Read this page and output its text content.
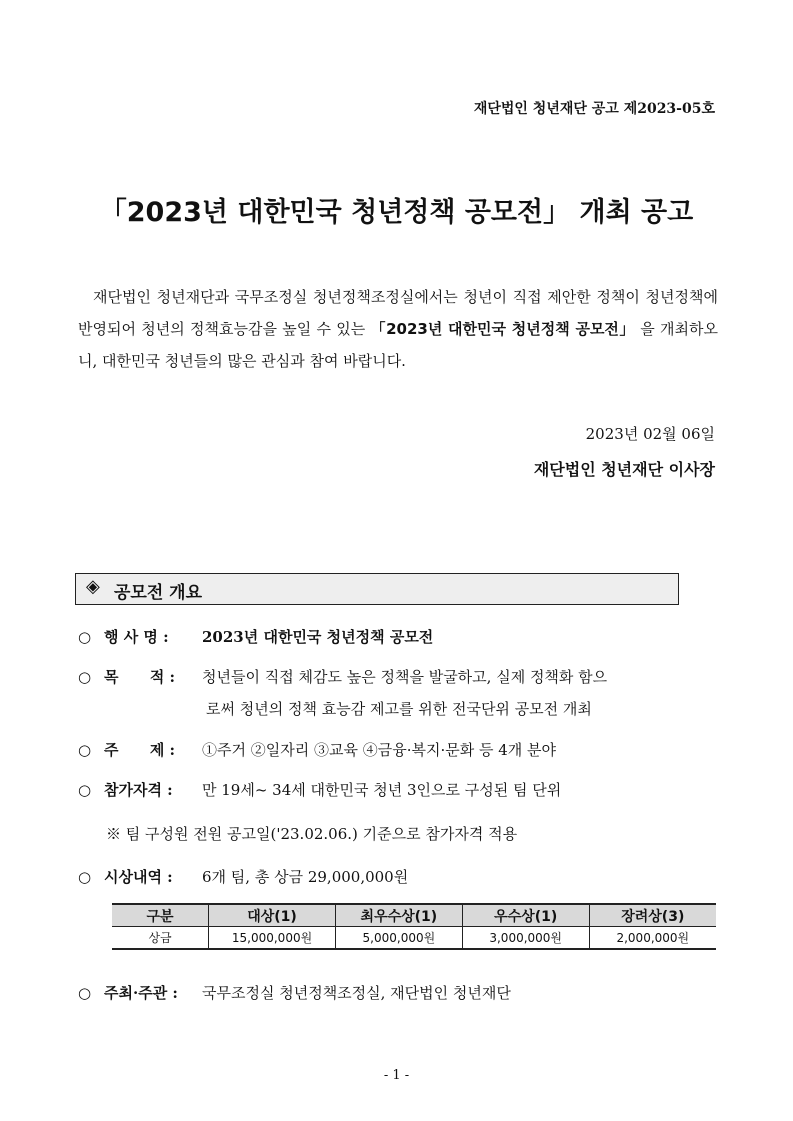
재단법인 청년재단 공고 제2023-05호
「2023년 대한민국 청년정책 공모전」 개최 공고

재단법인 청년재단과 국무조정실 청년정책조정실에서는 청년이 직접 제안한 정책이 청년정책에 반영되어 청년의 정책효능감을 높일 수 있는 「2023년 대한민국 청년정책 공모전」 을 개최하오니, 대한민국 청년들의 많은 관심과 참여 바랍니다.

2023년 02월 06일
재단법인 청년재단 이사장
◈ 공모전 개요
○ 행 사 명 : 2023년 대한민국 청년정책 공모전
○ 목      적 : 청년들이 직접 체감도 높은 정책을 발굴하고, 실제 정책화 함으
로써 청년의 정책 효능감 제고를 위한 전국단위 공모전 개최
○ 주      제 : ①주거 ②일자리 ③교육 ④금융·복지·문화 등 4개 분야
○ 참가자격 : 만 19세~ 34세 대한민국 청년 3인으로 구성된 팀 단위
※ 팀 구성원 전원 공고일('23.02.06.) 기준으로 참가자격 적용
○ 시상내역 : 6개 팀, 총 상금 29,000,000원
구분	대상(1)	최우수상(1)	우수상(1)	장려상(3)
상금	15,000,000원	5,000,000원	3,000,000원	2,000,000원
○ 주최·주관 : 국무조정실 청년정책조정실, 재단법인 청년재단
- 1 -
